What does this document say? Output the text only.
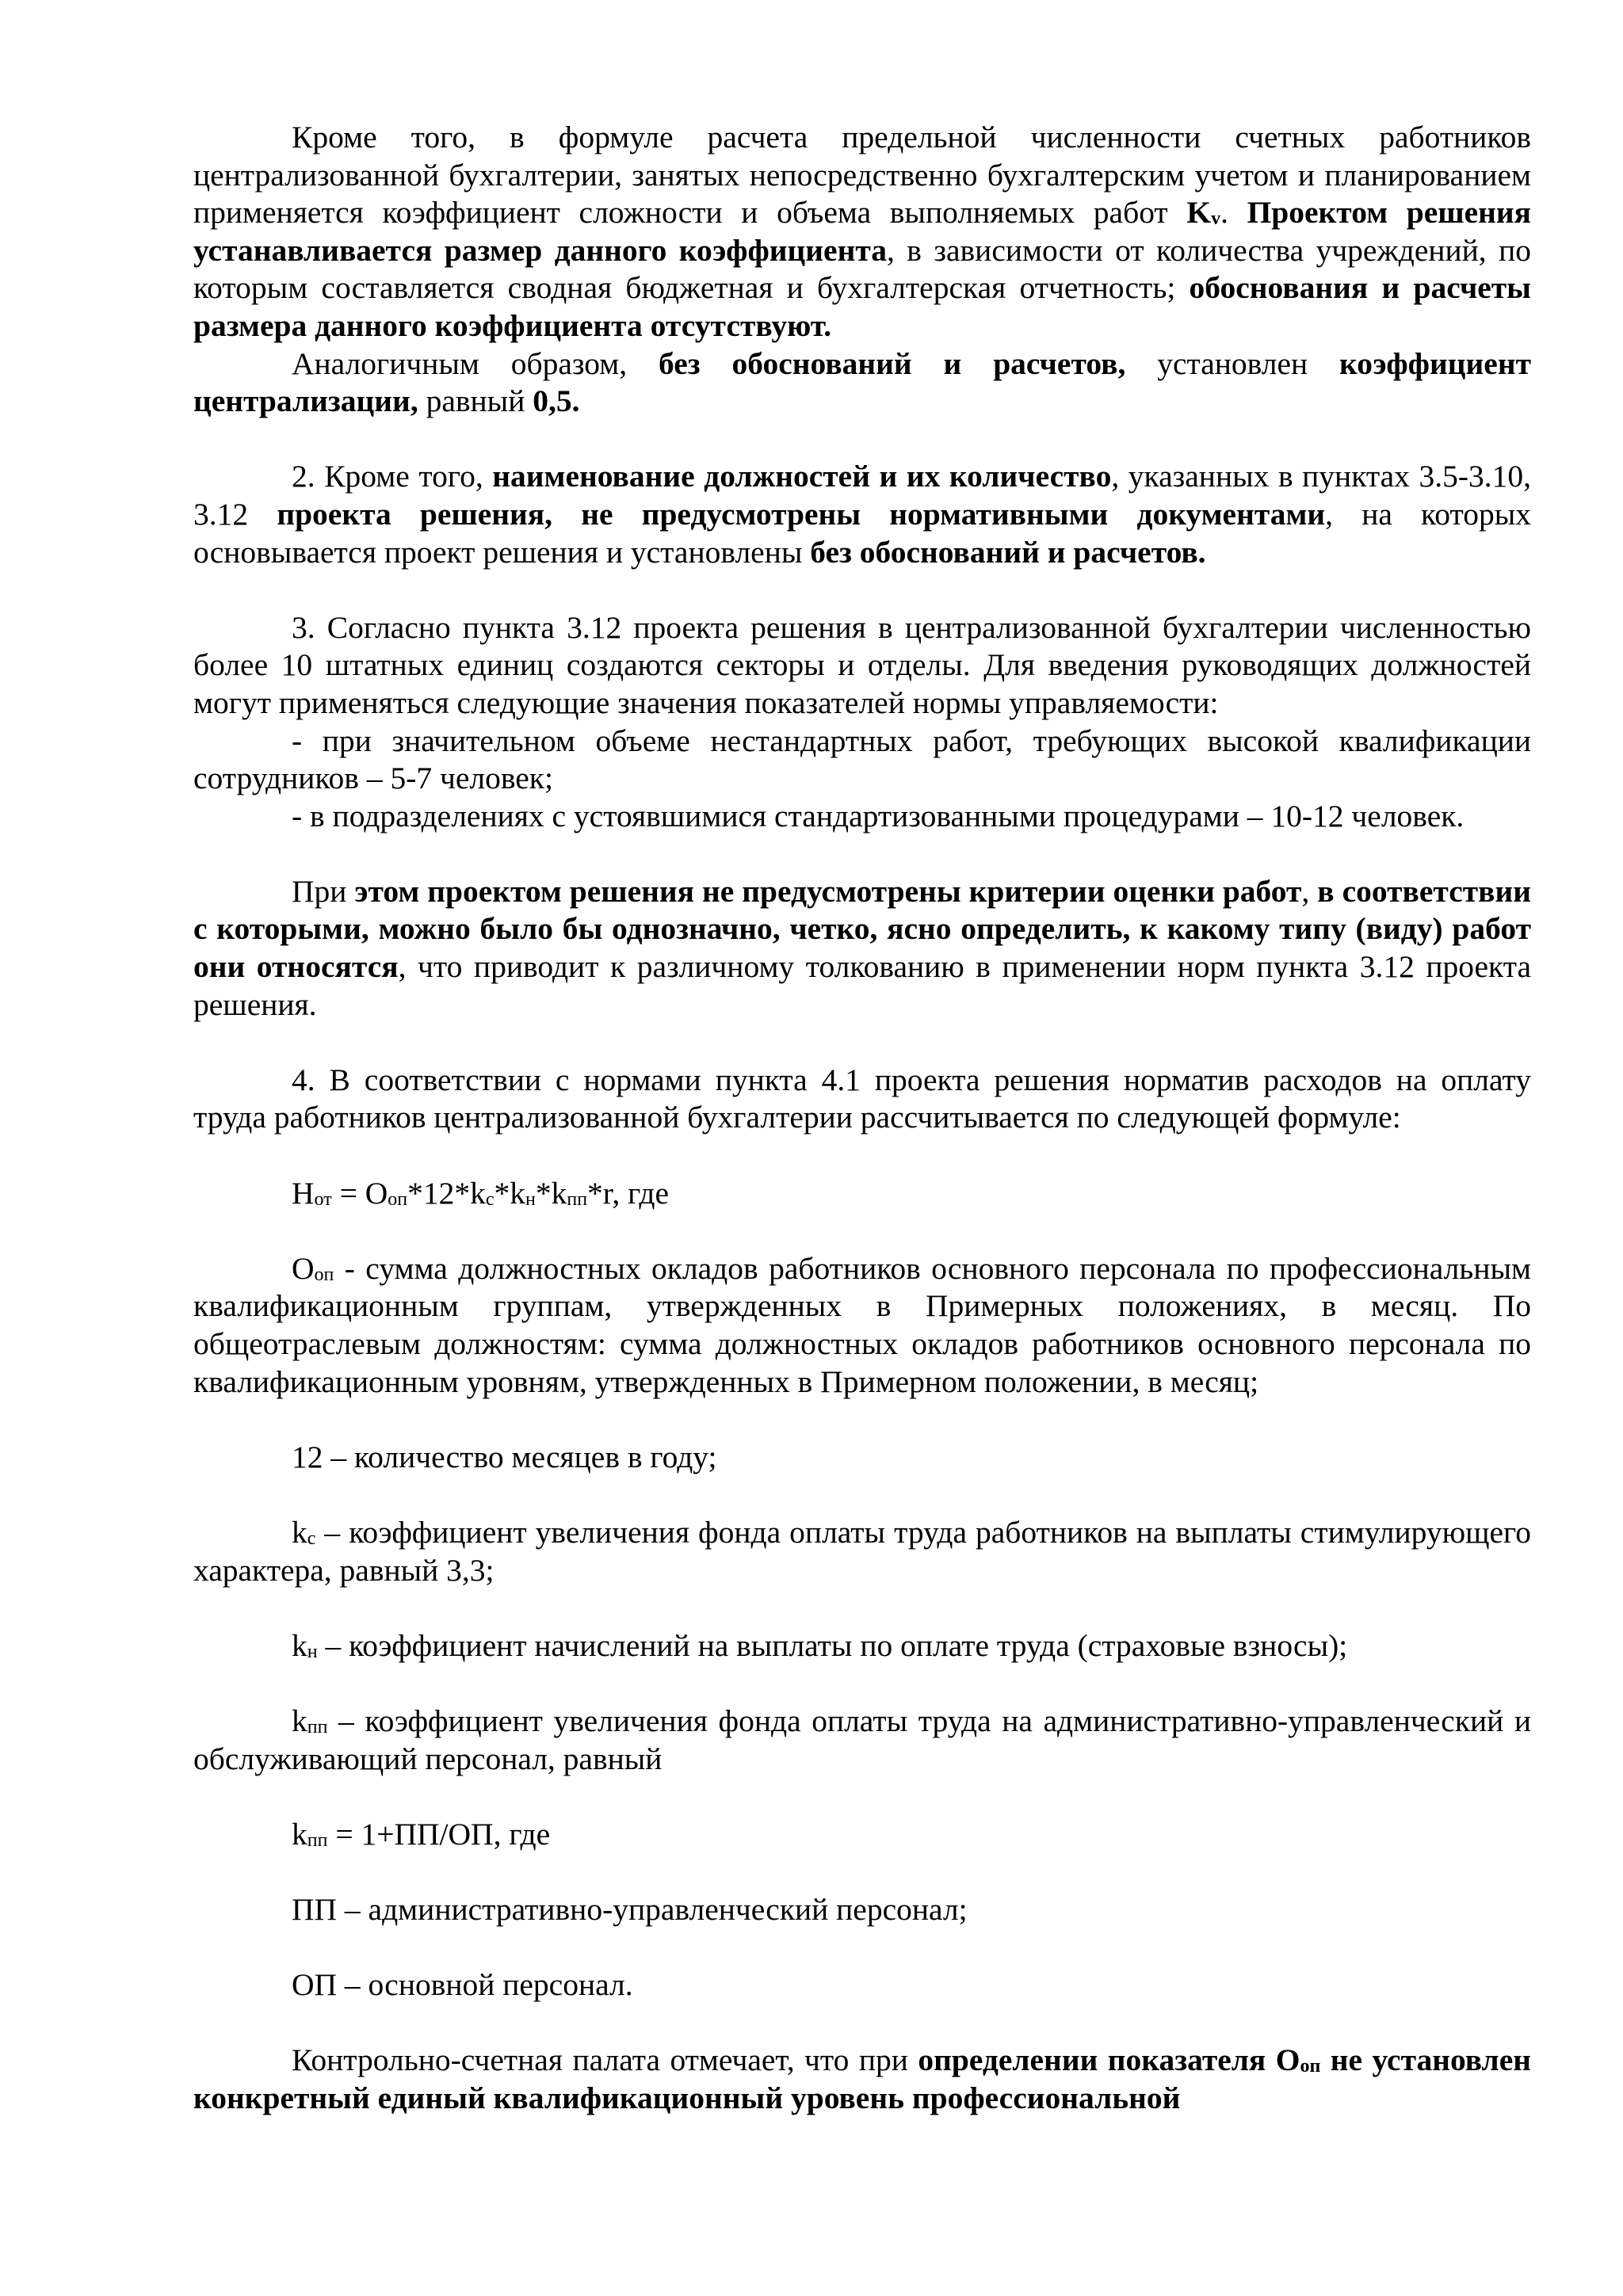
Кроме того, в формуле расчета предельной численности счетных работников централизованной бухгалтерии, занятых непосредственно бухгалтерским учетом и планированием применяется коэффициент сложности и объема выполняемых работ Kv. Проектом решения устанавливается размер данного коэффициента, в зависимости от количества учреждений, по которым составляется сводная бюджетная и бухгалтерская отчетность; обоснования и расчеты размера данного коэффициента отсутствуют.

Аналогичным образом, без обоснований и расчетов, установлен коэффициент централизации, равный 0,5.

2. Кроме того, наименование должностей и их количество, указанных в пунктах 3.5-3.10, 3.12 проекта решения, не предусмотрены нормативными документами, на которых основывается проект решения и установлены без обоснований и расчетов.

3. Согласно пункта 3.12 проекта решения в централизованной бухгалтерии численностью более 10 штатных единиц создаются секторы и отделы. Для введения руководящих должностей могут применяться следующие значения показателей нормы управляемости:

- при значительном объеме нестандартных работ, требующих высокой квалификации сотрудников – 5-7 человек;

- в подразделениях с устоявшимися стандартизованными процедурами – 10-12 человек.

При этом проектом решения не предусмотрены критерии оценки работ, в соответствии с которыми, можно было бы однозначно, четко, ясно определить, к какому типу (виду) работ они относятся, что приводит к различному толкованию в применении норм пункта 3.12 проекта решения.

4. В соответствии с нормами пункта 4.1 проекта решения норматив расходов на оплату труда работников централизованной бухгалтерии рассчитывается по следующей формуле:

Нот = Ооп*12*kc*kн*kпп*r, где

Ооп - сумма должностных окладов работников основного персонала по профессиональным квалификационным группам, утвержденных в Примерных положениях, в месяц. По общеотраслевым должностям: сумма должностных окладов работников основного персонала по квалификационным уровням, утвержденных в Примерном положении, в месяц;

12 – количество месяцев в году;

kc – коэффициент увеличения фонда оплаты труда работников на выплаты стимулирующего характера, равный 3,3;

kн – коэффициент начислений на выплаты по оплате труда (страховые взносы);

kпп – коэффициент увеличения фонда оплаты труда на административно-управленческий и обслуживающий персонал, равный

kпп = 1+ПП/ОП, где

ПП – административно-управленческий персонал;

ОП – основной персонал.

Контрольно-счетная палата отмечает, что при определении показателя Ооп не установлен конкретный единый квалификационный уровень профессиональной
